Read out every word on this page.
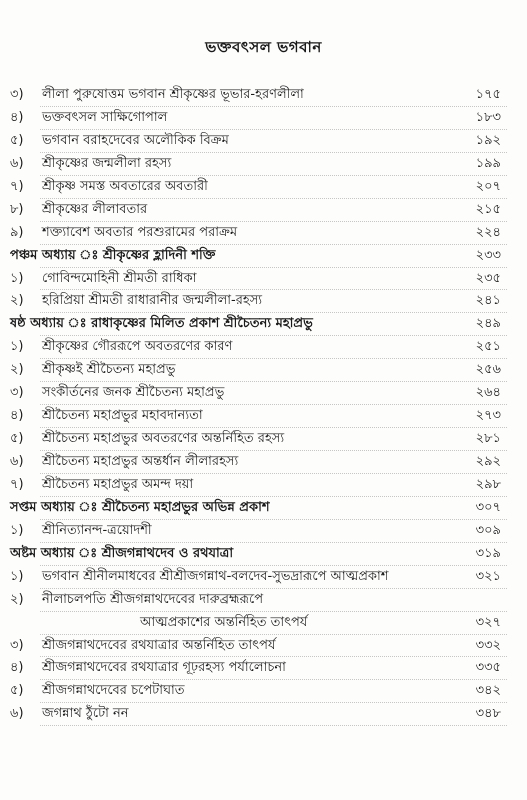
ভক্তবৎসল ভগবান
৩)	লীলা পুরুষোত্তম ভগবান শ্রীকৃষ্ণের ভূভার-হরণলীলা	১৭৫
৪)	ভক্তবৎসল সাক্ষিগোপাল	১৮৩
৫)	ভগবান বরাহদেবের অলৌকিক বিক্রম	১৯২
৬)	শ্রীকৃষ্ণের জন্মলীলা রহস্য	১৯৯
৭)	শ্রীকৃষ্ণ সমস্ত অবতারের অবতারী	২০৭
৮)	শ্রীকৃষ্ণের লীলাবতার	২১৫
৯)	শক্ত্যাবেশ অবতার পরশুরামের পরাক্রম	২২৪
পঞ্চম অধ্যায় ঃ শ্রীকৃষ্ণের হ্লাদিনী শক্তি	২৩৩
১)	গোবিন্দমোহিনী শ্রীমতী রাধিকা	২৩৫
২)	হরিপ্রিয়া শ্রীমতী রাধারানীর জন্মলীলা-রহস্য	২৪১
ষষ্ঠ অধ্যায় ঃ রাধাকৃষ্ণের মিলিত প্রকাশ শ্রীচৈতন্য মহাপ্রভু	২৪৯
১)	শ্রীকৃষ্ণের গৌররূপে অবতরণের কারণ	২৫১
২)	শ্রীকৃষ্ণই শ্রীচৈতন্য মহাপ্রভু	২৫৬
৩)	সংকীর্তনের জনক শ্রীচৈতন্য মহাপ্রভু	২৬৪
৪)	শ্রীচৈতন্য মহাপ্রভুর মহাবদান্যতা	২৭৩
৫)	শ্রীচৈতন্য মহাপ্রভুর অবতরণের অন্তর্নিহিত রহস্য	২৮১
৬)	শ্রীচৈতন্য মহাপ্রভুর অন্তর্ধান লীলারহস্য	২৯২
৭)	শ্রীচৈতন্য মহাপ্রভুর অমন্দ দয়া	২৯৮
সপ্তম অধ্যায় ঃ শ্রীচৈতন্য মহাপ্রভুর অভিন্ন প্রকাশ	৩০৭
১)	শ্রীনিত্যানন্দ-ত্রয়োদশী	৩০৯
অষ্টম অধ্যায় ঃ শ্রীজগন্নাথদেব ও রথযাত্রা	৩১৯
১)	ভগবান শ্রীনীলমাধবের শ্রীশ্রীজগন্নাথ-বলদেব-সুভদ্রারূপে আত্মপ্রকাশ	৩২১
২)	নীলাচলপতি শ্রীজগন্নাথদেবের দারুব্রহ্মরূপে
আত্মপ্রকাশের অন্তর্নিহিত তাৎপর্য	৩২৭
৩)	শ্রীজগন্নাথদেবের রথযাত্রার অন্তর্নিহিত তাৎপর্য	৩৩২
৪)	শ্রীজগন্নাথদেবের রথযাত্রার গূঢ়রহস্য পর্যালোচনা	৩৩৫
৫)	শ্রীজগন্নাথদেবের চপেটাঘাত	৩৪২
৬)	জগন্নাথ ঠুঁটো নন	৩৪৮
